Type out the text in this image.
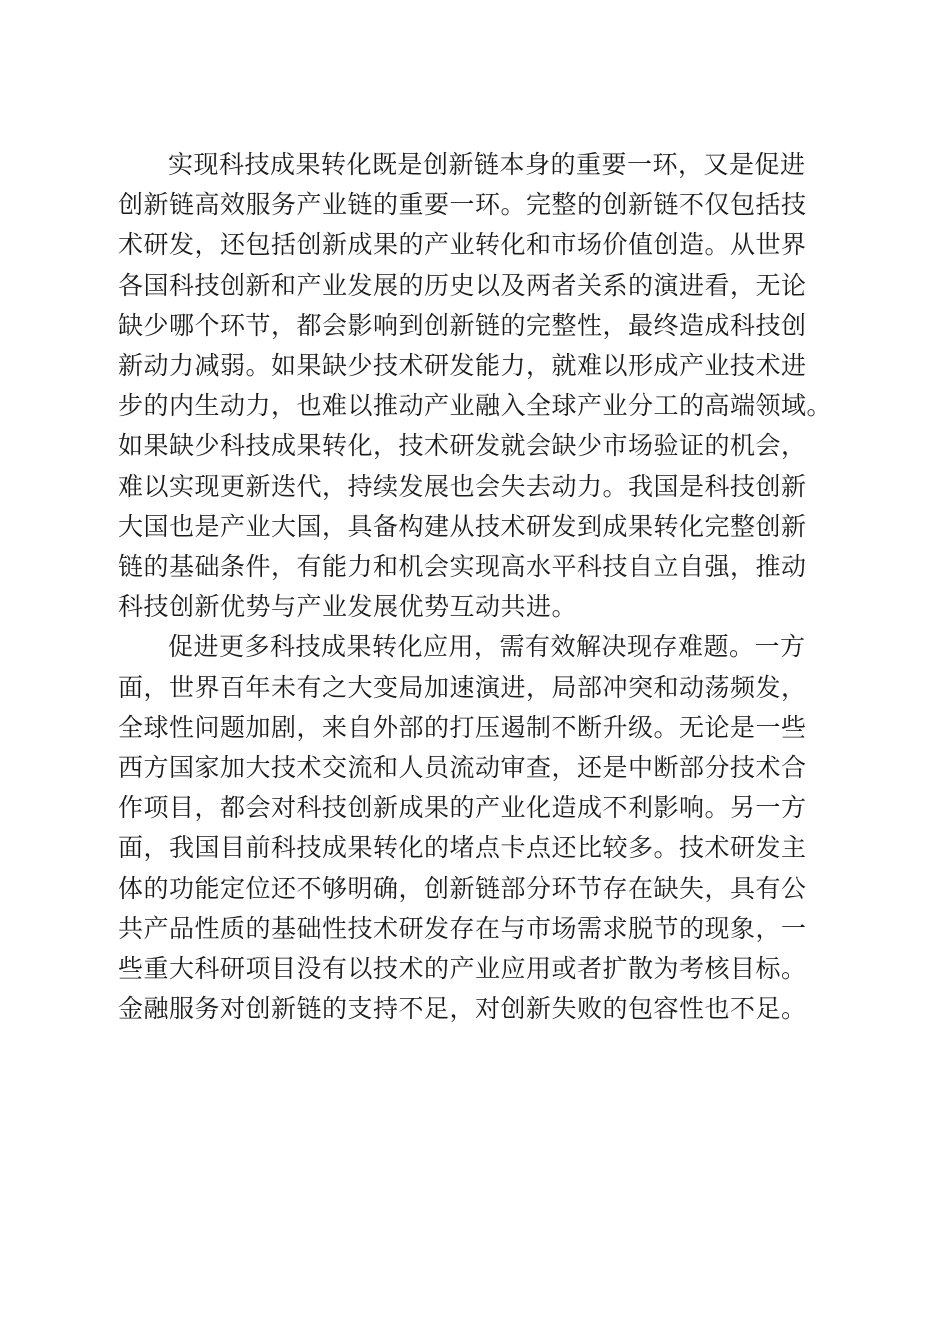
实现科技成果转化既是创新链本身的重要一环，又是促进
创新链高效服务产业链的重要一环。完整的创新链不仅包括技
术研发，还包括创新成果的产业转化和市场价值创造。从世界
各国科技创新和产业发展的历史以及两者关系的演进看，无论
缺少哪个环节，都会影响到创新链的完整性，最终造成科技创
新动力减弱。如果缺少技术研发能力，就难以形成产业技术进
步的内生动力，也难以推动产业融入全球产业分工的高端领域。
如果缺少科技成果转化，技术研发就会缺少市场验证的机会，
难以实现更新迭代，持续发展也会失去动力。我国是科技创新
大国也是产业大国，具备构建从技术研发到成果转化完整创新
链的基础条件，有能力和机会实现高水平科技自立自强，推动
科技创新优势与产业发展优势互动共进。

促进更多科技成果转化应用，需有效解决现存难题。一方
面，世界百年未有之大变局加速演进，局部冲突和动荡频发，
全球性问题加剧，来自外部的打压遏制不断升级。无论是一些
西方国家加大技术交流和人员流动审查，还是中断部分技术合
作项目，都会对科技创新成果的产业化造成不利影响。另一方
面，我国目前科技成果转化的堵点卡点还比较多。技术研发主
体的功能定位还不够明确，创新链部分环节存在缺失，具有公
共产品性质的基础性技术研发存在与市场需求脱节的现象，一
些重大科研项目没有以技术的产业应用或者扩散为考核目标。
金融服务对创新链的支持不足，对创新失败的包容性也不足。
